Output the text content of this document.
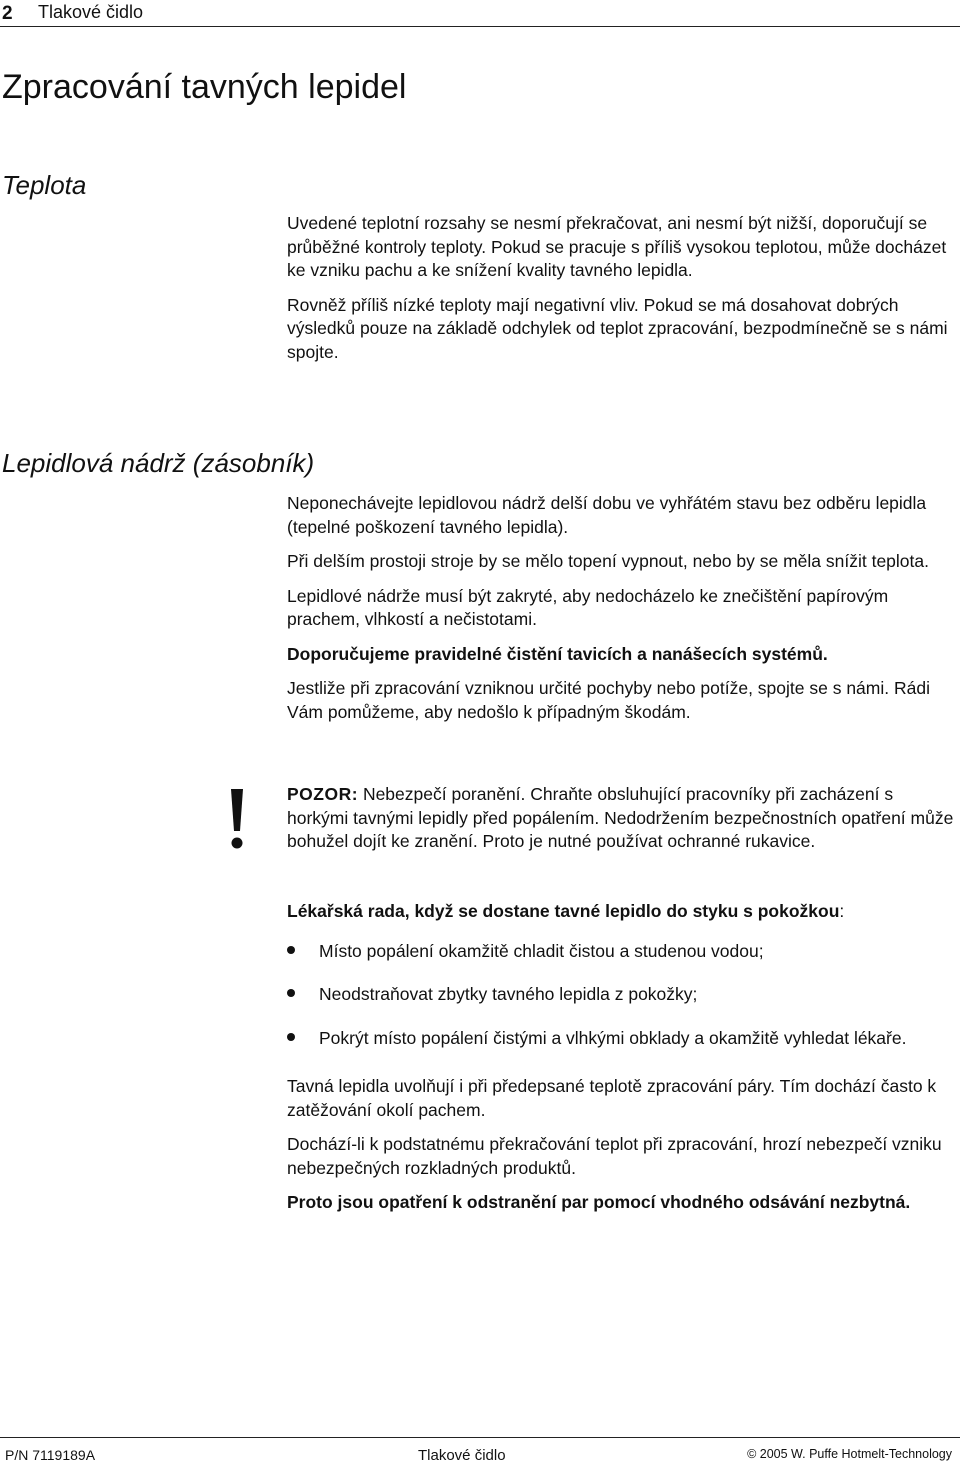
2 Tlakové čidlo
Zpracování tavných lepidel
Teplota

Uvedené teplotní rozsahy se nesmí překračovat, ani nesmí být nižší, doporučují se průběžné kontroly teploty. Pokud se pracuje s příliš vysokou teplotou, může docházet ke vzniku pachu a ke snížení kvality tavného lepidla.

Rovněž příliš nízké teploty mají negativní vliv. Pokud se má dosahovat dobrých výsledků pouze na základě odchylek od teplot zpracování, bezpodmínečně se s námi spojte.

Lepidlová nádrž (zásobník)

Neponechávejte lepidlovou nádrž delší dobu ve vyhřátém stavu bez odběru lepidla (tepelné poškození tavného lepidla).

Při delším prostoji stroje by se mělo topení vypnout, nebo by se měla snížit teplota.

Lepidlové nádrže musí být zakryté, aby nedocházelo ke znečištění papírovým prachem, vlhkostí a nečistotami.

Doporučujeme pravidelné čistění tavicích a nanášecích systémů.

Jestliže při zpracování vzniknou určité pochyby nebo potíže, spojte se s námi. Rádi Vám pomůžeme, aby nedošlo k případným škodám.

POZOR: Nebezpečí poranění. Chraňte obsluhující pracovníky při zacházení s horkými tavnými lepidly před popálením. Nedodržením bezpečnostních opatření může bohužel dojít ke zranění. Proto je nutné používat ochranné rukavice.

Lékařská rada, když se dostane tavné lepidlo do styku s pokožkou:

Místo popálení okamžitě chladit čistou a studenou vodou;
Neodstraňovat zbytky tavného lepidla z pokožky;
Pokrýt místo popálení čistými a vlhkými obklady a okamžitě vyhledat lékaře.

Tavná lepidla uvolňují i při předepsané teplotě zpracování páry. Tím dochází často k zatěžování okolí pachem.

Dochází-li k podstatnému překračování teplot při zpracování, hrozí nebezpečí vzniku nebezpečných rozkladných produktů.

Proto jsou opatření k odstranění par pomocí vhodného odsávání nezbytná.

P/N 7119189A	Tlakové čidlo	© 2005 W. Puffe Hotmelt-Technology
